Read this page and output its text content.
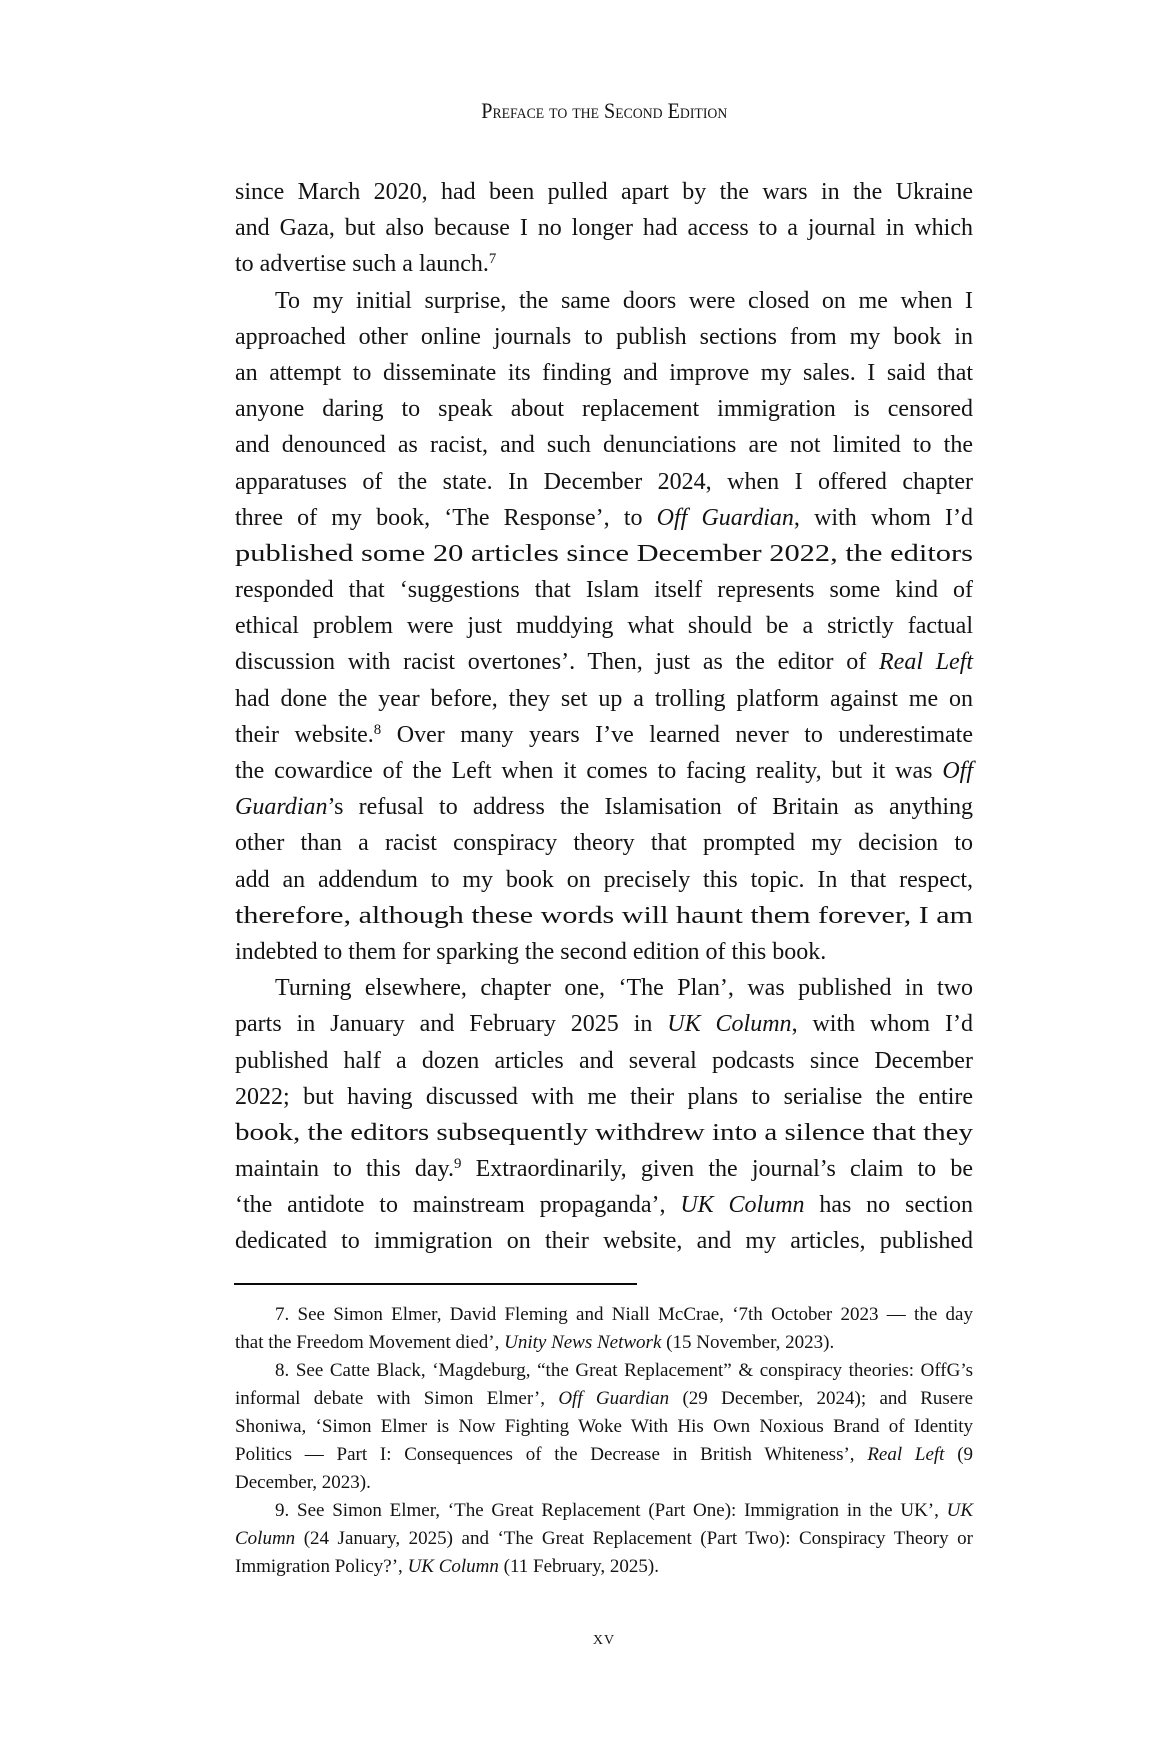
Preface to the Second Edition
since March 2020, had been pulled apart by the wars in the Ukraine
and Gaza, but also because I no longer had access to a journal in which
to advertise such a launch.$^7$
To my initial surprise, the same doors were closed on me when I
approached other online journals to publish sections from my book in
an attempt to disseminate its finding and improve my sales. I said that
anyone daring to speak about replacement immigration is censored
and denounced as racist, and such denunciations are not limited to the
apparatuses of the state. In December 2024, when I offered chapter
three of my book, ‘The Response’, to Off Guardian, with whom I’d
published some 20 articles since December 2022, the editors
responded that ‘suggestions that Islam itself represents some kind of
ethical problem were just muddying what should be a strictly factual
discussion with racist overtones’. Then, just as the editor of Real Left
had done the year before, they set up a trolling platform against me on
their website.$^8$ Over many years I’ve learned never to underestimate
the cowardice of the Left when it comes to facing reality, but it was Off
Guardian’s refusal to address the Islamisation of Britain as anything
other than a racist conspiracy theory that prompted my decision to
add an addendum to my book on precisely this topic. In that respect,
therefore, although these words will haunt them forever, I am
indebted to them for sparking the second edition of this book.
Turning elsewhere, chapter one, ‘The Plan’, was published in two
parts in January and February 2025 in UK Column, with whom I’d
published half a dozen articles and several podcasts since December
2022; but having discussed with me their plans to serialise the entire
book, the editors subsequently withdrew into a silence that they
maintain to this day.$^9$ Extraordinarily, given the journal’s claim to be
‘the antidote to mainstream propaganda’, UK Column has no section
dedicated to immigration on their website, and my articles, published
7. See Simon Elmer, David Fleming and Niall McCrae, ‘7th October 2023 — the day
that the Freedom Movement died’, Unity News Network (15 November, 2023).
8. See Catte Black, ‘Magdeburg, “the Great Replacement” & conspiracy theories: OffG’s
informal debate with Simon Elmer’, Off Guardian (29 December, 2024); and Rusere
Shoniwa, ‘Simon Elmer is Now Fighting Woke With His Own Noxious Brand of Identity
Politics — Part I: Consequences of the Decrease in British Whiteness’, Real Left (9
December, 2023).
9. See Simon Elmer, ‘The Great Replacement (Part One): Immigration in the UK’, UK
Column (24 January, 2025) and ‘The Great Replacement (Part Two): Conspiracy Theory or
Immigration Policy?’, UK Column (11 February, 2025).
xv
